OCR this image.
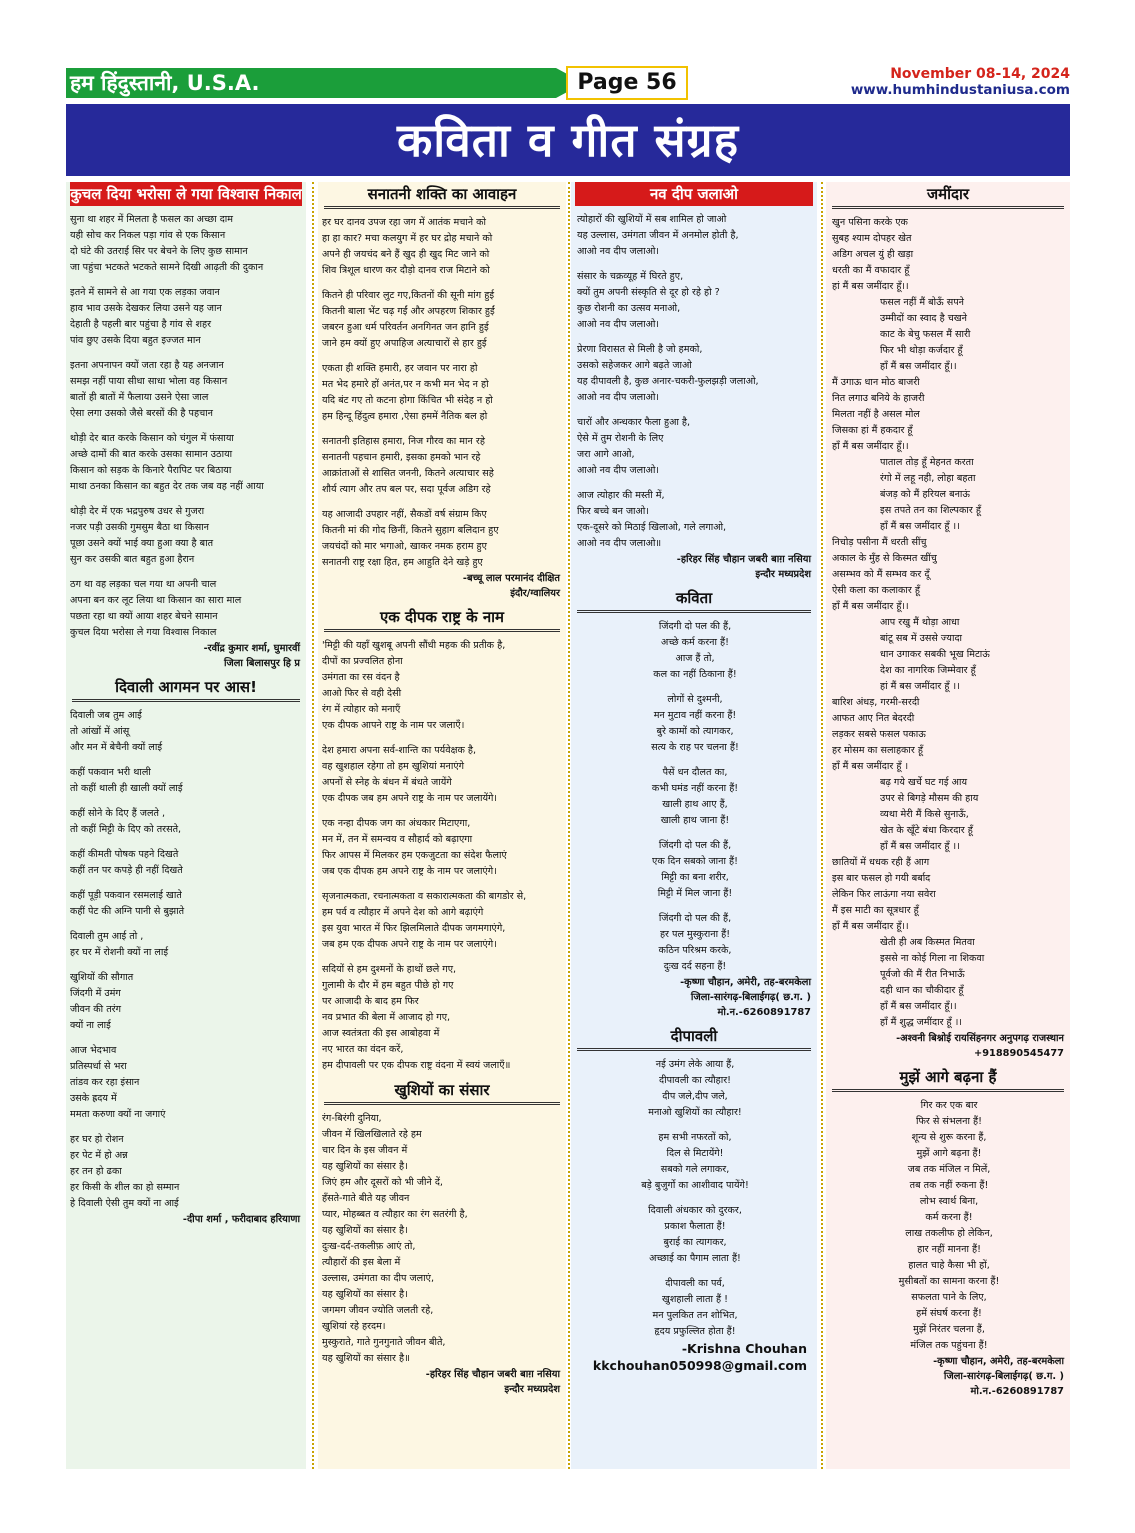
हम हिंदुस्तानी, U.S.A.	Page 56	November 08-14, 2024
www.humhindustaniusa.com
कविता व गीत संग्रह
कुचल दिया भरोसा ले गया विश्वास निकाल
सुना था शहर में मिलता है फसल का अच्छा दाम
यही सोच कर निकल पड़ा गांव से एक किसान
दो घंटे की उतराई सिर पर बेचने के लिए कुछ सामान
जा पहुंचा भटकते भटकते सामने दिखी आढ़ती की दुकान
इतने में सामने से आ गया एक लड़का जवान
हाव भाव उसके देखकर लिया उसने यह जान
देहाती है पहली बार पहुंचा है गांव से शहर
पांव छुए उसके दिया बहुत इज्जत मान
इतना अपनापन क्यों जता रहा है यह अनजान
समझ नहीं पाया सीधा साधा भोला वह किसान
बातों ही बातों में फैलाया उसने ऐसा जाल
ऐसा लगा उसको जैसे बरसों की है पहचान
थोड़ी देर बात करके किसान को चंगुल में फंसाया
अच्छे दामों की बात करके उसका सामान उठाया
किसान को सड़क के किनारे पैरापिट पर बिठाया
माथा ठनका किसान का बहुत देर तक जब वह नहीं आया
थोड़ी देर में एक भद्रपुरुष उधर से गुजरा
नजर पड़ी उसकी गुमसुम बैठा था किसान
पूछा उसने क्यों भाई क्या हुआ क्या है बात
सुन कर उसकी बात बहुत हुआ हैरान
ठग था वह लड़का चल गया था अपनी चाल
अपना बन कर लूट लिया था किसान का सारा माल
पछता रहा था क्यों आया शहर बेचने सामान
कुचल दिया भरोसा ले गया विश्वास निकाल
-रवींद्र कुमार शर्मा, घुमारवीं
जिला बिलासपुर हि प्र
दिवाली आगमन पर आस!
दिवाली जब तुम आई
तो आंखों में आंसू
और मन में बेचैनी क्यों लाई
कहीं पकवान भरी थाली
तो कहीं थाली ही खाली क्यों लाई
कहीं सोने के दिए हैं जलते ,
तो कहीं मिट्टी के दिए को तरसते,
कहीं कीमती पोषक पहने दिखते
कहीं तन पर कपड़े ही नहीं दिखते
कहीं पूड़ी पकवान रसमलाई खाते
कहीं पेट की अग्नि पानी से बुझाते
दिवाली तुम आई तो ,
हर घर में रोशनी क्यों ना लाई
खुशियों की सौगात
जिंदगी में उमंग
जीवन की तरंग
क्यों ना लाई
आज भेदभाव
प्रतिस्पर्धा से भरा
तांडव कर रहा इंसान
उसके ह्रदय में
ममता करुणा क्यों ना जगाएं
हर घर हो रोशन
हर पेट में हो अन्न
हर तन हो ढका
हर किसी के शील का हो सम्मान
हे दिवाली ऐसी तुम क्यों ना आई
-दीपा शर्मा , फरीदाबाद हरियाणा
सनातनी शक्ति का आवाहन
हर घर दानव उपज रहा जग में आतंक मचाने को
हा हा कार? मचा कलयुग में हर घर द्रोह मचाने को
अपने ही जयचंद बने हैं खुद ही खुद मिट जाने को
शिव त्रिशूल धारण कर दौड़ो दानव राज मिटाने को
कितने ही परिवार लुट गए,कितनों की सूनी मांग हुई
कितनी बाला भेंट चढ़ गईं और अपहरण शिकार हुईं
जबरन हुआ धर्म परिवर्तन अनगिनत जन हानि हुई
जाने हम क्यों हुए अपाहिज अत्याचारों से हार हुई
एकता ही शक्ति हमारी, हर जवान पर नारा हो
मत भेद हमारे हों अनंत,पर न कभी मन भेद न हो
यदि बंट गए तो कटना होगा किंचित भी संदेह न हो
हम हिन्दू हिंदुत्व हमारा ,ऐसा हममें नैतिक बल हो
सनातनी इतिहास हमारा, निज गौरव का मान रहे
सनातनी पहचान हमारी, इसका हमको भान रहे
आक्रांताओं से शासित जननी, कितने अत्याचार सहे
शौर्य त्याग और तप बल पर, सदा पूर्वज अडिग रहे
यह आजादी उपहार नहीं, सैकडों वर्ष संग्राम किए
कितनी मां की गोद छिनीं, कितने सुहाग बलिदान हुए
जयचंदों को मार भगाओ, खाकर नमक हराम हुए
सनातनी राष्ट्र रक्षा हित, हम आहुति देने खड़े हुए
-बच्चू लाल परमानंद दीक्षित
इंदौर/ग्वालियर
एक दीपक राष्ट्र के नाम
'मिट्टी की यहाँ खुशबू अपनी सौंधी महक की प्रतीक है,
दीपों का प्रज्वलित होना
उमंगता का रस वंदन है
आओ फिर से वही देसी
रंग में त्योहार को मनाएँ
एक दीपक आपने राष्ट्र के नाम पर जलाएँ।
देश हमारा अपना सर्व-शान्ति का पर्यवेक्षक है,
वह खुशहाल रहेगा तो हम खुशियां मनाएंगे
अपनों से स्नेह के बंधन में बंधते जायेंगे
एक दीपक जब हम अपने राष्ट्र के नाम पर जलायेंगे।
एक नन्हा दीपक जग का अंधकार मिटाएगा,
मन में, तन में समन्वय व सौहार्द को बढ़ाएगा
फिर आपस में मिलकर हम एकजुटता का संदेश फैलाएं
जब एक दीपक हम अपने राष्ट्र के नाम पर जलाएंगे।
सृजनात्मकता, रचनात्मकता व सकारात्मकता की बागडोर से,
हम पर्व व त्यौहार में अपने देश को आगे बढ़ाएंगे
इस युवा भारत में फिर झिलमिलाते दीपक जगमगाएंगे,
जब हम एक दीपक अपने राष्ट्र के नाम पर जलाएंगे।
सदियों से हम दुश्मनों के हाथों छले गए,
गुलामी के दौर में हम बहुत पीछे हो गए
पर आजादी के बाद हम फिर
नव प्रभात की बेला में आजाद हो गए,
आज स्वतंत्रता की इस आबोहवा में
नए भारत का वंदन करें,
हम दीपावली पर एक दीपक राष्ट्र वंदना में स्वयं जलाएँ॥
खुशियों का संसार
रंग-बिरंगी दुनिया,
जीवन में खिलखिलाते रहे हम
चार दिन के इस जीवन में
यह खुशियों का संसार है।
जिएं हम और दूसरों को भी जीने दें,
हँसते-गाते बीते यह जीवन
प्यार, मोहब्बत व त्यौहार का रंग सतरंगी है,
यह खुशियों का संसार है।
दुःख-दर्द-तकलीफ़ आएं तो,
त्यौहारों की इस बेला में
उल्लास, उमंगता का दीप जलाएं,
यह खुशियों का संसार है।
जगमग जीवन ज्योति जलती रहे,
खुशियां रहे हरदम।
मुस्कुराते, गाते गुनगुनाते जीवन बीते,
यह खुशियों का संसार है॥
-हरिहर सिंह चौहान जबरी बाग़ नसिया
इन्दौर मध्यप्रदेश
नव दीप जलाओ
त्योहारों की खुशियों में सब शामिल हो जाओ
यह उल्लास, उमंगता जीवन में अनमोल होती है,
आओ नव दीप जलाओ।
संसार के चक्रव्यूह में घिरते हुए,
क्यों तुम अपनी संस्कृति से दूर हो रहे हो ?
कुछ रोशनी का उत्सव मनाओ,
आओ नव दीप जलाओ।
प्रेरणा विरासत से मिली है जो हमको,
उसको सहेजकर आगे बढ़ते जाओ
यह दीपावली है, कुछ अनार-चकरी-फुलझड़ी जलाओ,
आओ नव दीप जलाओ।
चारों और अन्धकार फैला हुआ है,
ऐसे में तुम रोशनी के लिए
जरा आगे आओ,
आओ नव दीप जलाओ।
आज त्योहार की मस्ती में,
फिर बच्चे बन जाओ।
एक-दूसरे को मिठाई खिलाओ, गले लगाओ,
आओ नव दीप जलाओ॥
-हरिहर सिंह चौहान जबरी बाग़ नसिया
इन्दौर मध्यप्रदेश
कविता
जिंदगी दो पल की हैं,
अच्छे कर्म करना हैं!
आज हैं तो,
कल का नहीं ठिकाना हैं!
लोगों से दुश्मनी,
मन मुटाव नहीं करना हैं!
बुरे कामों को त्यागकर,
सत्य के राह पर चलना हैं!
पैसें धन दौलत का,
कभी घमंड नहीं करना हैं!
खाली हाथ आए हैं,
खाली हाथ जाना हैं!
जिंदगी दो पल की हैं,
एक दिन सबको जाना हैं!
मिट्टी का बना शरीर,
मिट्टी में मिल जाना हैं!
जिंदगी दो पल की हैं,
हर पल मुस्कुराना हैं!
कठिन परिश्रम करके,
दुःख दर्द सहना हैं!
-कृष्णा चौहान, अमेरी, तह-बरमकेला
जिला-सारंगढ़-बिलाईगढ़( छ.ग. )
मो.न.-6260891787
दीपावली
नई उमंग लेके आया हैं,
दीपावली का त्यौहार!
दीप जले,दीप जले,
मनाओ खुशियों का त्यौहार!
हम सभी नफरतों को,
दिल से मिटायेंगे!
सबको गले लगाकर,
बड़े बुजुर्गो का आशीवाद पायेंगे!
दिवाली अंधकार को दुरकर,
प्रकाश फैलाता हैं!
बुराई का त्यागकर,
अच्छाई का पैगाम लाता हैं!
दीपावली का पर्व,
खुशहाली लाता हैं !
मन पुलकित तन शोभित,
हृदय प्रफुल्लित होता हैं!
-Krishna Chouhan
kkchouhan050998@gmail.com
जमींदार
खुन पसिना करके एक
सुबह श्याम दोपहर खेत
अडिग अचल युं ही खड़ा
धरती का मैं वफादार हूँ
हां मैं बस जमींदार हूँ।।
फसल नहीं मैं बोऊँ सपने
उम्मीदों का स्वाद है चखने
काट के बेचु फसल मैं सारी
फिर भी थोड़ा कर्जदार हूँ
हाँ मैं बस जमींदार हूँ।।
मैं उगाऊ धान मोठ बाजरी
नित लगाउ बनिये के हाजरी
मिलता नहीं है असल मोल
जिसका हां मैं हकदार हूँ
हाँ मैं बस जमींदार हूँ।।
पाताल तोड़ हूँ मेहनत करता
रंगो में लहू नही, लोहा बहता
बंजड़ को मैं हरियल बनाऊं
इस तपते तन का शिल्पकार हूँ
हाँ मैं बस जमींदार हूँ ।।
निचोड़ पसीना मैं धरती सींचु
अकाल के मुँह से किस्मत खींचु
असम्भव को मैं सम्भव कर दूँ
ऐसी कला का कलाकार हूँ
हाँ मैं बस जमींदार हूँ।।
आप रखु मैं थोड़ा आधा
बांटू सब में उससे ज्यादा
धान उगाकर सबकी भूख मिटाऊं
देश का नागरिक जिम्मेवार हूँ
हां मैं बस जमींदार हूँ ।।
बारिश अंधड़, गरमी-सरदी
आफत आए नित बेदरदी
लड़कर सबसे फसल पकाऊ
हर मोसम का सलाहकार हूँ
हाँ मैं बस जमींदार हूँ ।
बढ़ गये खर्चे घट गई आय
उपर से बिगड़े मौसम की हाय
व्यथा मेरी मैं किसे सुनाऊँ,
खेत के खूँटे बंधा किरदार हूँ
हाँ मैं बस जमींदार हूँ ।।
छातियों में धधक रही हैं आग
इस बार फसल हो गयी बर्बाद
लेकिन फिर लाऊंगा नया सवेरा
मैं इस माटी का सूत्रधार हूँ
हाँ मैं बस जमींदार हूँ।।
खेती ही अब किस्मत मितवा
इससे ना कोई गिला ना शिकवा
पूर्वजो की मैं रीत निभाऊँ
दही धान का चौकीदार हूँ
हाँ मैं बस जमींदार हूँ।।
हाँ मैं शुद्ध जमींदार हूँ ।।
-अश्वनी बिश्नोई रायसिंहनगर अनुपगढ़ राजस्थान
+918890545477
मुझें आगे बढ़ना हैं
गिर कर एक बार
फिर से संभलना हैं!
शून्य से शुरू करना हैं,
मुझें आगे बढ़ना हैं!
जब तक मंजिल न मिलें,
तब तक नहीं रुकना हैं!
लोभ स्वार्थ बिना,
कर्म करना हैं!
लाख तकलीफ हो लेकिन,
हार नहीं मानना हैं!
हालत चाहे कैसा भी हों,
मुसीबतों का सामना करना हैं!
सफलता पाने के लिए,
हमें संघर्ष करना हैं!
मुझें निरंतर चलना हैं,
मंजिल तक पहुंचना हैं!
-कृष्णा चौहान, अमेरी, तह-बरमकेला
जिला-सारंगढ़-बिलाईगढ़( छ.ग. )
मो.न.-6260891787
